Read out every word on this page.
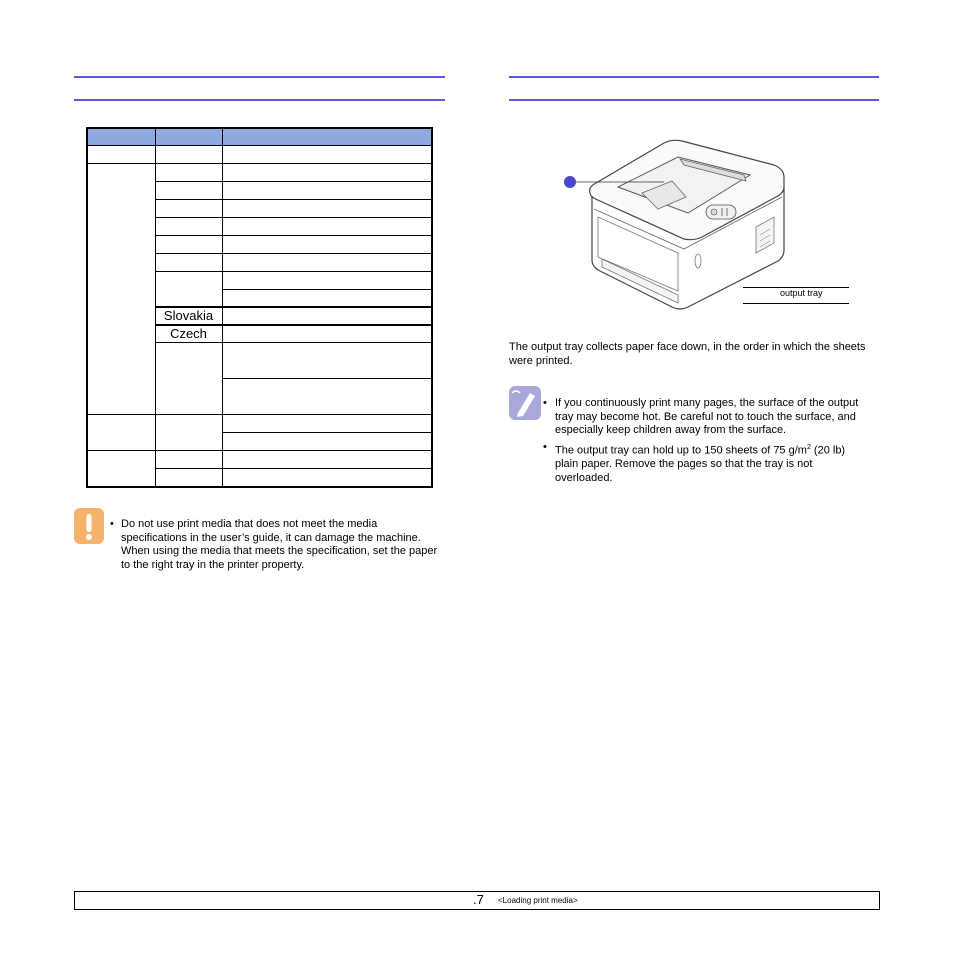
	Slovakia	
	Czech	

• Do not use print media that does not meet the media
specifications in the user’s guide, it can damage the machine.
When using the media that meets the specification, set the paper
to the right tray in the printer property.
output tray
The output tray collects paper face down, in the order in which the sheets
were printed.
• If you continuously print many pages, the surface of the output
tray may become hot. Be careful not to touch the surface, and
especially keep children away from the surface.
• The output tray can hold up to 150 sheets of 75 $g/m^2$ (20 lb)
plain paper. Remove the pages so that the tray is not
overloaded.
.7 <Loading print media>
